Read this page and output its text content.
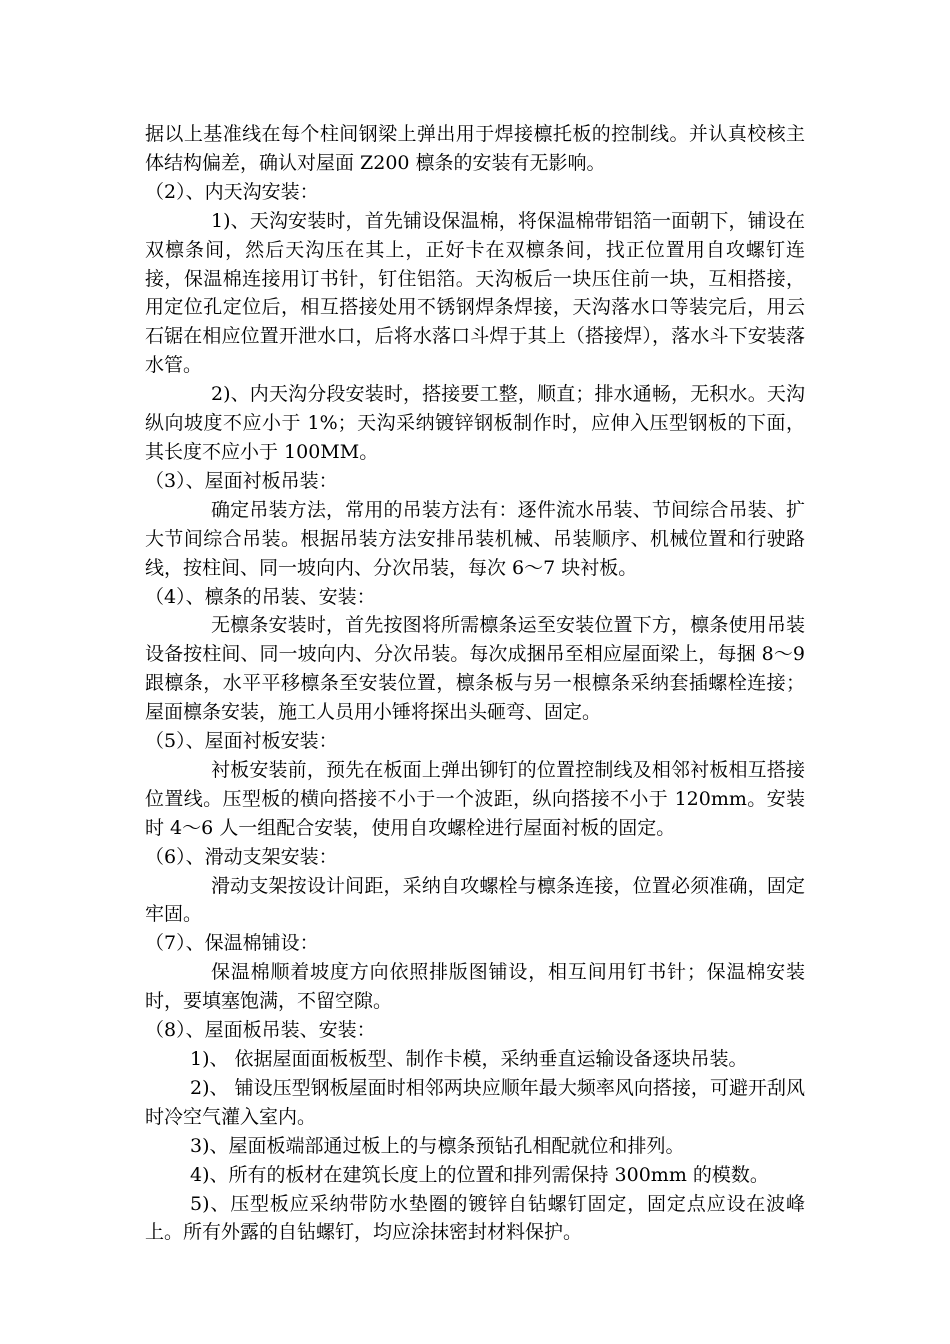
据以上基准线在每个柱间钢梁上弹出用于焊接檩托板的控制线。并认真校核主体结构偏差，确认对屋面 Z200 檩条的安装有无影响。

（2）、内天沟安装：

1)、天沟安装时，首先铺设保温棉，将保温棉带铝箔一面朝下，铺设在双檩条间，然后天沟压在其上，正好卡在双檩条间，找正位置用自攻螺钉连接，保温棉连接用订书针，钉住铝箔。天沟板后一块压住前一块，互相搭接，用定位孔定位后，相互搭接处用不锈钢焊条焊接，天沟落水口等装完后，用云石锯在相应位置开泄水口，后将水落口斗焊于其上（搭接焊），落水斗下安装落水管。

2)、内天沟分段安装时，搭接要工整，顺直；排水通畅，无积水。天沟纵向坡度不应小于 1%；天沟采纳镀锌钢板制作时，应伸入压型钢板的下面，其长度不应小于 100MM。

（3）、屋面衬板吊装：

确定吊装方法，常用的吊装方法有：逐件流水吊装、节间综合吊装、扩大节间综合吊装。根据吊装方法安排吊装机械、吊装顺序、机械位置和行驶路线，按柱间、同一坡向内、分次吊装，每次 6～7 块衬板。

（4）、檩条的吊装、安装：

无檩条安装时，首先按图将所需檩条运至安装位置下方，檩条使用吊装设备按柱间、同一坡向内、分次吊装。每次成捆吊至相应屋面梁上，每捆 8～9 跟檩条，水平平移檩条至安装位置，檩条板与另一根檩条采纳套插螺栓连接；屋面檩条安装，施工人员用小锤将探出头砸弯、固定。

（5）、屋面衬板安装：

衬板安装前，预先在板面上弹出铆钉的位置控制线及相邻衬板相互搭接位置线。压型板的横向搭接不小于一个波距，纵向搭接不小于 120mm。安装时 4～6 人一组配合安装，使用自攻螺栓进行屋面衬板的固定。

（6）、滑动支架安装：

滑动支架按设计间距，采纳自攻螺栓与檩条连接，位置必须准确，固定牢固。

（7）、保温棉铺设：

保温棉顺着坡度方向依照排版图铺设，相互间用钉书针；保温棉安装时，要填塞饱满，不留空隙。

（8）、屋面板吊装、安装：

1)、 依据屋面面板板型、制作卡模，采纳垂直运输设备逐块吊装。

2)、 铺设压型钢板屋面时相邻两块应顺年最大频率风向搭接，可避开刮风时冷空气灌入室内。

3)、屋面板端部通过板上的与檩条预钻孔相配就位和排列。

4)、所有的板材在建筑长度上的位置和排列需保持 300mm 的模数。

5)、压型板应采纳带防水垫圈的镀锌自钻螺钉固定，固定点应设在波峰上。所有外露的自钻螺钉，均应涂抹密封材料保护。
